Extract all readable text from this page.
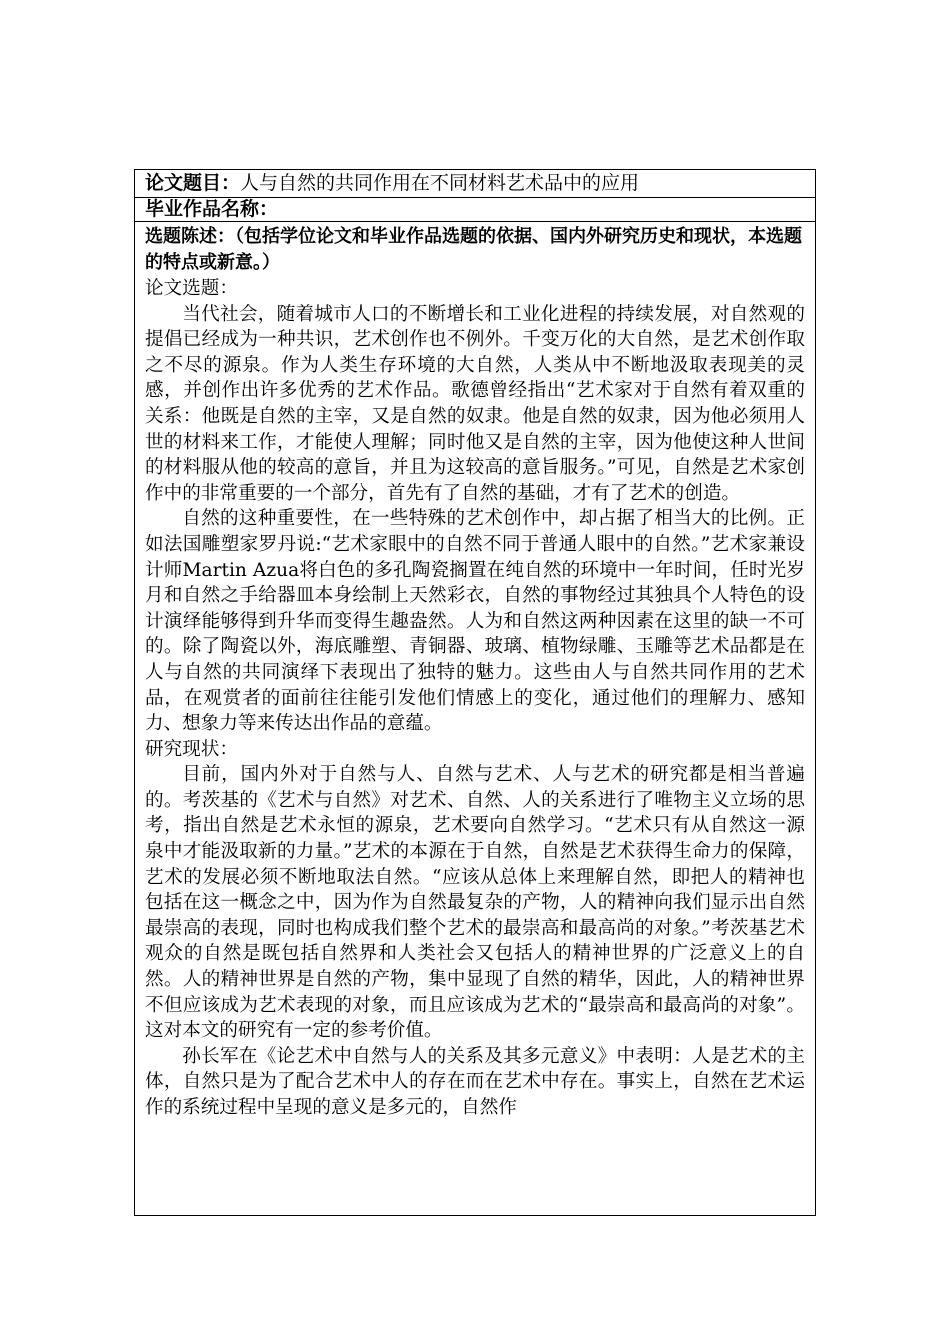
论文题目：人与自然的共同作用在不同材料艺术品中的应用
毕业作品名称：
选题陈述：（包括学位论文和毕业作品选题的依据、国内外研究历史和现状，本选题的特点或新意。）

论文选题：

当代社会，随着城市人口的不断增长和工业化进程的持续发展，对自然观的提倡已经成为一种共识，艺术创作也不例外。千变万化的大自然，是艺术创作取之不尽的源泉。作为人类生存环境的大自然，人类从中不断地汲取表现美的灵感，并创作出许多优秀的艺术作品。歌德曾经指出“艺术家对于自然有着双重的关系：他既是自然的主宰，又是自然的奴隶。他是自然的奴隶，因为他必须用人世的材料来工作，才能使人理解；同时他又是自然的主宰，因为他使这种人世间的材料服从他的较高的意旨，并且为这较高的意旨服务。”可见，自然是艺术家创作中的非常重要的一个部分，首先有了自然的基础，才有了艺术的创造。

自然的这种重要性，在一些特殊的艺术创作中，却占据了相当大的比例。正如法国雕塑家罗丹说:“艺术家眼中的自然不同于普通人眼中的自然。”艺术家兼设计师Martin Azua将白色的多孔陶瓷搁置在纯自然的环境中一年时间，任时光岁月和自然之手给器皿本身绘制上天然彩衣，自然的事物经过其独具个人特色的设计演绎能够得到升华而变得生趣盎然。人为和自然这两种因素在这里的缺一不可的。除了陶瓷以外，海底雕塑、青铜器、玻璃、植物绿雕、玉雕等艺术品都是在人与自然的共同演绎下表现出了独特的魅力。这些由人与自然共同作用的艺术品，在观赏者的面前往往能引发他们情感上的变化，通过他们的理解力、感知力、想象力等来传达出作品的意蕴。

研究现状：

目前，国内外对于自然与人、自然与艺术、人与艺术的研究都是相当普遍的。考茨基的《艺术与自然》对艺术、自然、人的关系进行了唯物主义立场的思考，指出自然是艺术永恒的源泉，艺术要向自然学习。“艺术只有从自然这一源泉中才能汲取新的力量。”艺术的本源在于自然，自然是艺术获得生命力的保障，艺术的发展必须不断地取法自然。“应该从总体上来理解自然，即把人的精神也包括在这一概念之中，因为作为自然最复杂的产物，人的精神向我们显示出自然最崇高的表现，同时也构成我们整个艺术的最崇高和最高尚的对象。”考茨基艺术观众的自然是既包括自然界和人类社会又包括人的精神世界的广泛意义上的自然。人的精神世界是自然的产物，集中显现了自然的精华，因此，人的精神世界不但应该成为艺术表现的对象，而且应该成为艺术的“最崇高和最高尚的对象”。这对本文的研究有一定的参考价值。

孙长军在《论艺术中自然与人的关系及其多元意义》中表明：人是艺术的主体，自然只是为了配合艺术中人的存在而在艺术中存在。事实上，自然在艺术运作的系统过程中呈现的意义是多元的，自然作
